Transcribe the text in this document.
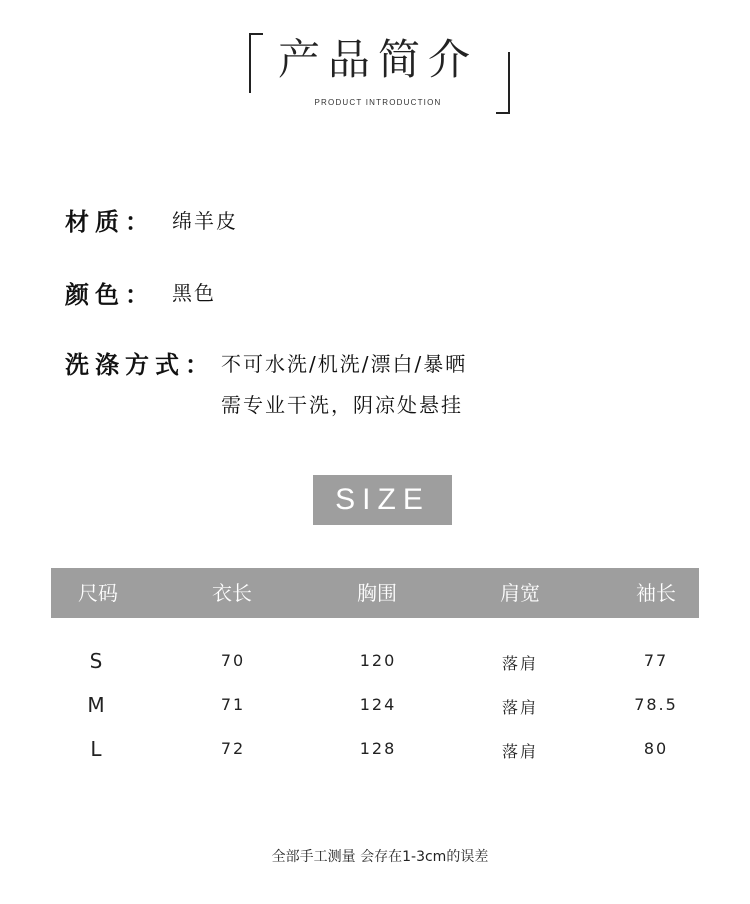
产品简介
PRODUCT INTRODUCTION
材质： 绵羊皮
颜色： 黑色
洗涤方式： 不可水洗/机洗/漂白/暴晒
需专业干洗，阴凉处悬挂
SIZE
尺码	衣长	胸围	肩宽	袖长
S	70	120	落肩	77
M	71	124	落肩	78.5
L	72	128	落肩	80
全部手工测量 会存在1-3cm的误差
